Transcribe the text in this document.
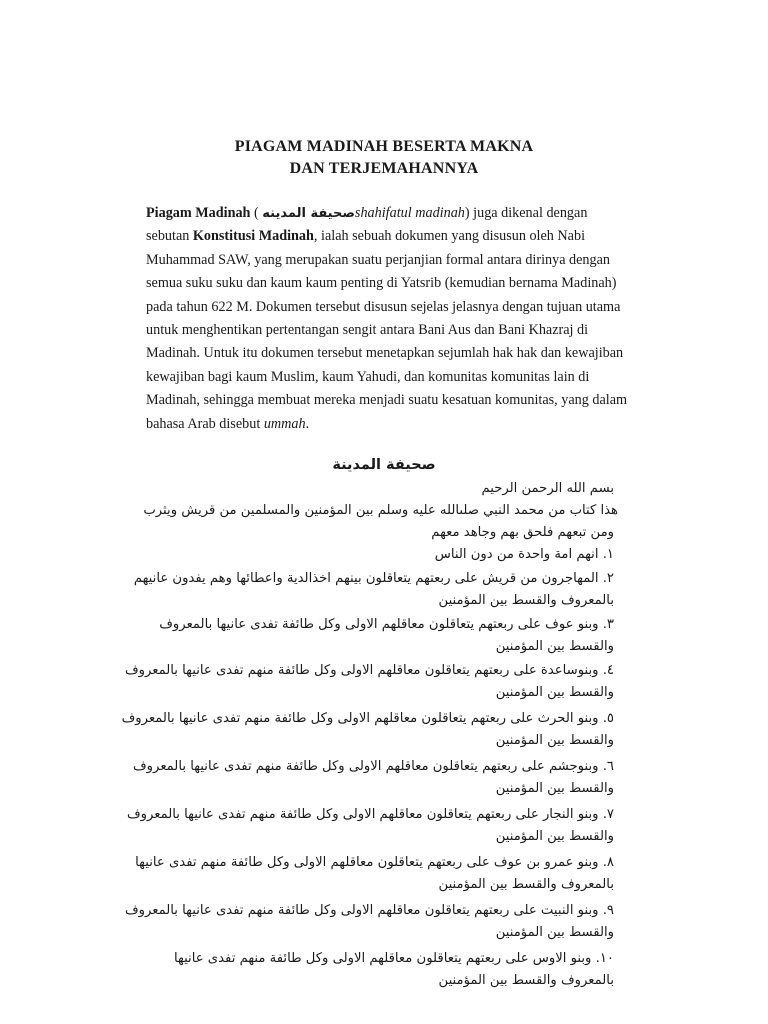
PIAGAM MADINAH BESERTA MAKNA
DAN TERJEMAHANNYA

Piagam Madinah ( صحيفة المدينهshahifatul madinah) juga dikenal dengan sebutan Konstitusi Madinah, ialah sebuah dokumen yang disusun oleh Nabi Muhammad SAW, yang merupakan suatu perjanjian formal antara dirinya dengan semua suku suku dan kaum kaum penting di Yatsrib (kemudian bernama Madinah) pada tahun 622 M. Dokumen tersebut disusun sejelas jelasnya dengan tujuan utama untuk menghentikan pertentangan sengit antara Bani Aus dan Bani Khazraj di Madinah. Untuk itu dokumen tersebut menetapkan sejumlah hak hak dan kewajiban kewajiban bagi kaum Muslim, kaum Yahudi, dan komunitas komunitas lain di Madinah, sehingga membuat mereka menjadi suatu kesatuan komunitas, yang dalam bahasa Arab disebut ummah.

صحيفة المدينة

بسم الله الرحمن الرحيم

هذا كتاب من محمد النبي صلىالله عليه وسلم بين المؤمنين والمسلمين من قريش ويثرب

ومن تبعهم فلحق بهم وجاهد معهم

١. انهم امة واحدة من دون الناس

٢. المهاجرون من قريش على ربعتهم يتعاقلون بينهم اخذالدية واعطائها وهم يفدون عانيهم
بالمعروف والقسط بين المؤمنين

٣. وبنو عوف على ربعتهم يتعاقلون معاقلهم الاولى وكل طائفة تفدى عانيها بالمعروف
والقسط بين المؤمنين

٤. وبنوساعدة على ربعتهم يتعاقلون معاقلهم الاولى وكل طائفة منهم تفدى عانيها بالمعروف
والقسط بين المؤمنين

٥. وبنو الحرث على ربعتهم يتعاقلون معاقلهم الاولى وكل طائفة منهم تفدى عانيها بالمعروف
والقسط بين المؤمنين

٦. وبنوجشم على ربعتهم يتعاقلون معاقلهم الاولى وكل طائفة منهم تفدى عانيها بالمعروف
والقسط بين المؤمنين

٧. وبنو النجار على ربعتهم يتعاقلون معاقلهم الاولى وكل طائفة منهم تفدى عانيها بالمعروف
والقسط بين المؤمنين

٨. وبنو عمرو بن عوف على ربعتهم يتعاقلون معاقلهم الاولى وكل طائفة منهم تفدى عانيها
بالمعروف والقسط بين المؤمنين

٩. وبنو النبيت على ربعتهم يتعاقلون معاقلهم الاولى وكل طائفة منهم تفدى عانيها بالمعروف
والقسط بين المؤمنين

١٠. وبنو الاوس على ربعتهم يتعاقلون معاقلهم الاولى وكل طائفة منهم تفدى عانيها
بالمعروف والقسط بين المؤمنين
